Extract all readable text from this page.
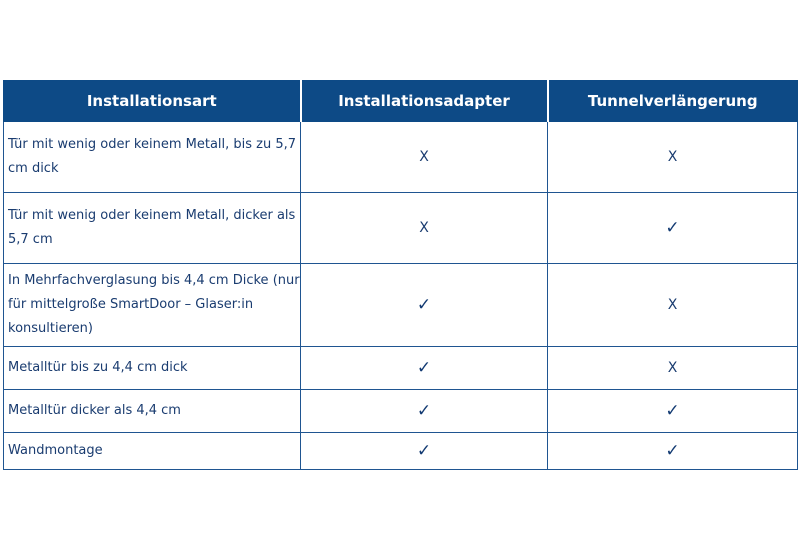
Installationsart	Installationsadapter	Tunnelverlängerung
Tür mit wenig oder keinem Metall, bis zu 5,7 cm dick	X	X
Tür mit wenig oder keinem Metall, dicker als 5,7 cm	X	✓
In Mehrfachverglasung bis 4,4 cm Dicke (nur für mittelgroße SmartDoor – Glaser:in konsultieren)	✓	X
Metalltür bis zu 4,4 cm dick	✓	X
Metalltür dicker als 4,4 cm	✓	✓
Wandmontage	✓	✓
